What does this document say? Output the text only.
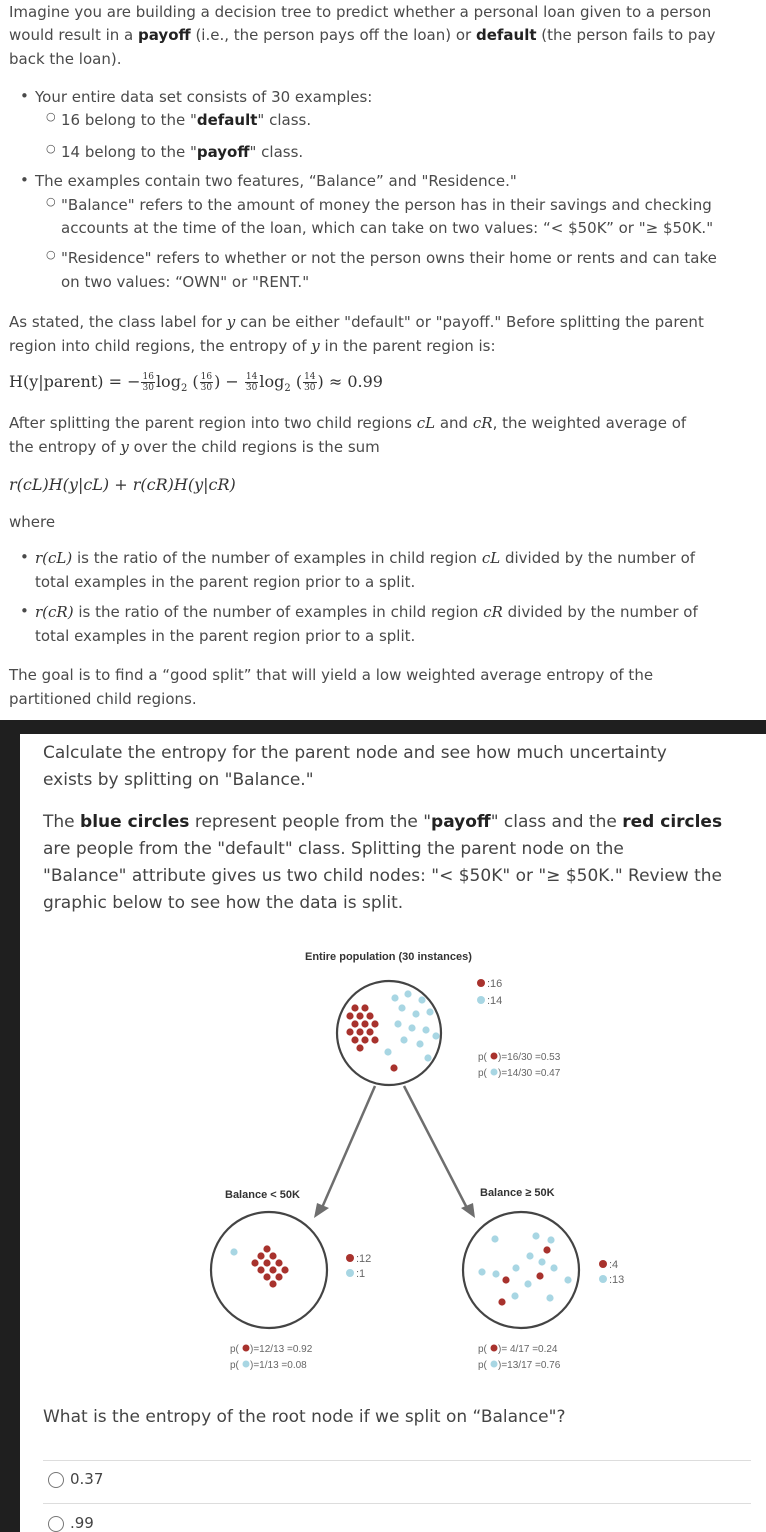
Imagine you are building a decision tree to predict whether a personal loan given to a person

would result in a payoff (i.e., the person pays off the loan) or default (the person fails to pay

back the loan).

• Your entire data set consists of 30 examples:
○ 16 belong to the "default" class.
○ 14 belong to the "payoff" class.
• The examples contain two features, “Balance” and "Residence."
○ "Balance" refers to the amount of money the person has in their savings and checking
accounts at the time of the loan, which can take on two values: “< $50K” or "≥ $50K."
○ "Residence" refers to whether or not the person owns their home or rents and can take
on two values: “OWN" or "RENT."

As stated, the class label for y can be either "default" or "payoff." Before splitting the parent

region into child regions, the entropy of y in the parent region is:

H(y|parent) = − $\frac{16}{30} \log_2$ ( $\frac{16}{30}$ ) − $\frac{14}{30} \log_2$ ( $\frac{14}{30}$ ) ≈ 0.99

After splitting the parent region into two child regions cL and cR, the weighted average of

the entropy of y over the child regions is the sum

r(cL)H(y|cL) + r(cR)H(y|cR)

where

• r(cL) is the ratio of the number of examples in child region cL divided by the number of
total examples in the parent region prior to a split.
• r(cR) is the ratio of the number of examples in child region cR divided by the number of
total examples in the parent region prior to a split.

The goal is to find a “good split” that will yield a low weighted average entropy of the

partitioned child regions.

Calculate the entropy for the parent node and see how much uncertainty
exists by splitting on "Balance."
The blue circles represent people from the "payoff" class and the red circles
are people from the "default" class. Splitting the parent node on the
"Balance" attribute gives us two child nodes: "< $50K" or "≥ $50K." Review the
graphic below to see how the data is split.
Entire population (30 instances)
:16
:14
p( )=16/30 =0.53
p( )=14/30 =0.47
Balance < 50K	Balance ≥ 50K
:12
:1
p( )=12/13 =0.92
p( )=1/13 =0.08
:4
:13
p( )= 4/17 =0.24
p( )=13/17 =0.76
What is the entropy of the root node if we split on “Balance"?
0.37
.99
